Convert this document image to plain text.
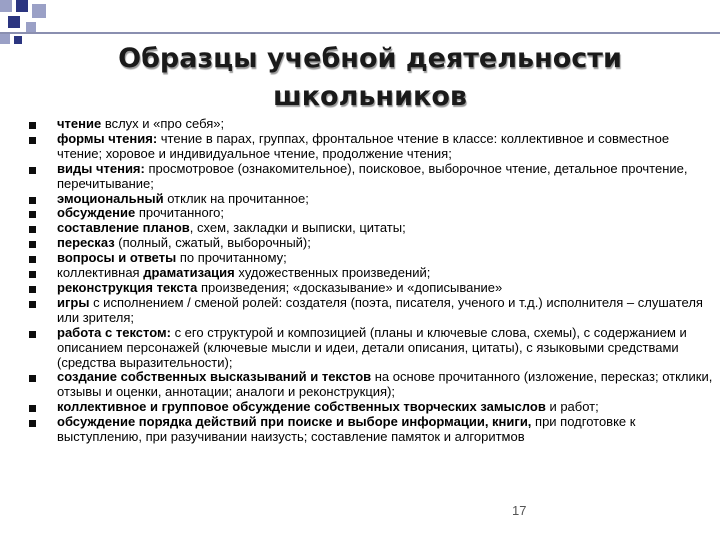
Образцы учебной деятельности
школьников
чтение вслух и «про себя»;
формы чтения: чтение в парах, группах, фронтальное чтение в классе: коллективное и совместное чтение; хоровое и индивидуальное чтение, продолжение чтения;
виды чтения: просмотровое (ознакомительное), поисковое, выборочное чтение, детальное прочтение, перечитывание;
эмоциональный отклик на прочитанное;
обсуждение прочитанного;
составление планов, схем, закладки и выписки, цитаты;
пересказ (полный, сжатый, выборочный);
вопросы и ответы по прочитанному;
коллективная драматизация художественных произведений;
реконструкция текста произведения; «досказывание» и «дописывание»
игры с исполнением / сменой ролей: создателя (поэта, писателя, ученого и т.д.) исполнителя – слушателя или зрителя;
работа с текстом: с его структурой и композицией (планы и ключевые слова, схемы), с содержанием и описанием персонажей (ключевые мысли и идеи, детали описания, цитаты), с языковыми средствами (средства выразительности);
создание собственных высказываний и текстов на основе прочитанного (изложение, пересказ; отклики, отзывы и оценки, аннотации; аналоги и реконструкция);
коллективное и групповое обсуждение собственных творческих замыслов и работ;
обсуждение порядка действий при поиске и выборе информации, книги, при подготовке к выступлению, при разучивании наизусть; составление памяток и алгоритмов
17
